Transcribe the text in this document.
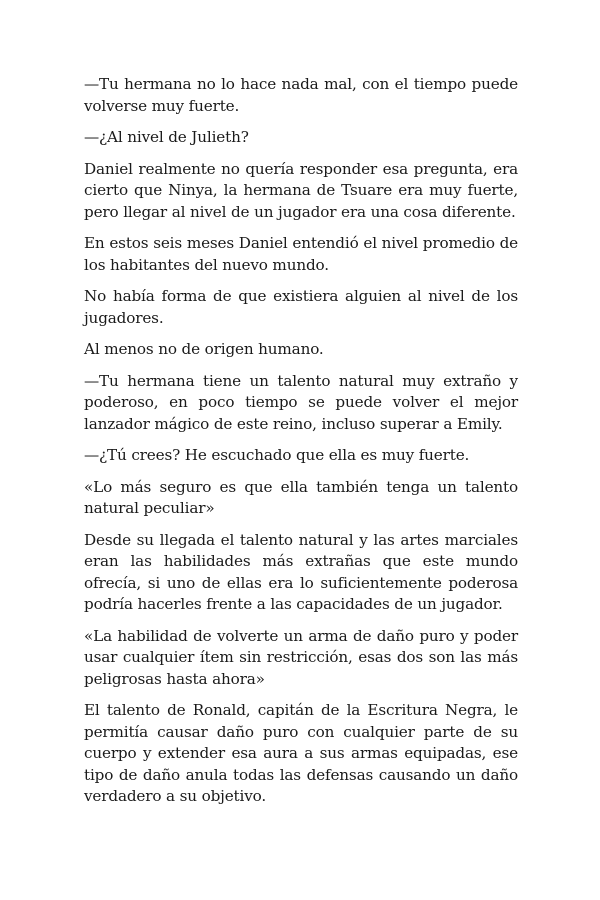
—Tu hermana no lo hace nada mal, con el tiempo puede volverse muy fuerte.

—¿Al nivel de Julieth?

Daniel realmente no quería responder esa pregunta, era cierto que Ninya, la hermana de Tsuare era muy fuerte, pero llegar al nivel de un jugador era una cosa diferente.

En estos seis meses Daniel entendió el nivel promedio de los habitantes del nuevo mundo.

No había forma de que existiera alguien al nivel de los jugadores.

Al menos no de origen humano.

—Tu hermana tiene un talento natural muy extraño y poderoso, en poco tiempo se puede volver el mejor lanzador mágico de este reino, incluso superar a Emily.

—¿Tú crees? He escuchado que ella es muy fuerte.

«Lo más seguro es que ella también tenga un talento natural peculiar»

Desde su llegada el talento natural y las artes marciales eran las habilidades más extrañas que este mundo ofrecía, si uno de ellas era lo suficientemente poderosa podría hacerles frente a las capacidades de un jugador.

«La habilidad de volverte un arma de daño puro y poder usar cualquier ítem sin restricción, esas dos son las más peligrosas hasta ahora»

El talento de Ronald, capitán de la Escritura Negra, le permitía causar daño puro con cualquier parte de su cuerpo y extender esa aura a sus armas equipadas, ese tipo de daño anula todas las defensas causando un daño verdadero a su objetivo.
